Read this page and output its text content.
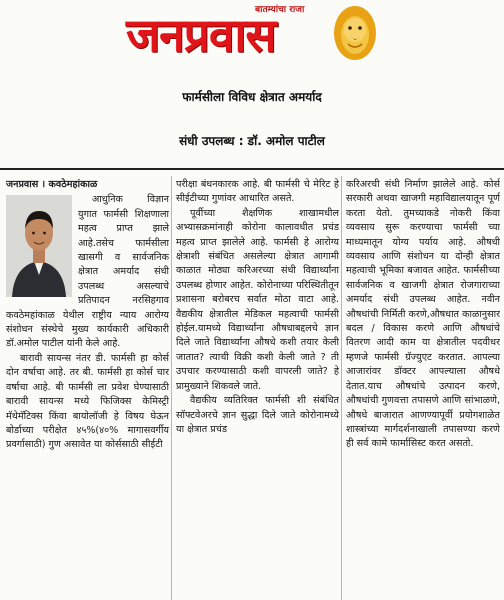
बातम्यांचा राजा
जनप्रवास
फार्मसीला विविध क्षेत्रात अमर्याद
संधी उपलब्ध : डॉ. अमोल पाटील
जनप्रवास । कवठेमहांकाळ

आधुनिक विज्ञान युगात फार्मसी शिक्षणाला महत्व प्राप्त झाले आहे.तसेच फार्मसीला खासगी व सार्वजनिक क्षेत्रात अमर्याद संधी उपलब्ध असल्याचे प्रतिपादन नरसिहगाव कवठेमहांकाळ येथील राष्ट्रीय न्याय आरोग्य संशोधन संस्थेचे मुख्य कार्यकारी अधिकारी डॉ.अमोल पाटील यांनी केले आहे.

बारावी सायन्स नंतर डी. फार्मसी हा कोर्स दोन वर्षाचा आहे. तर बी. फार्मसी हा कोर्स चार वर्षाचा आहे. बी फार्मसी ला प्रवेश घेण्यासाठी बारावी सायन्स मध्ये फिजिक्स केमिस्ट्री मॅथेमॅटिक्स किंवा बायोलॉजी हे विषय घेऊन बोर्डाच्या परीक्षेत ४५%(४०% मागासवर्गीय प्रवर्गासाठी) गुण असावेत या कोर्ससाठी सीईटी

परीक्षा बंधनकारक आहे. बी फार्मसी चे मेरिट हे सीईटीच्या गुणांवर आधारित असते.

पूर्वीच्या शैक्षणिक शाखामधील अभ्यासक्रमांनाही कोरोना कालावधीत प्रचंड महत्व प्राप्त झालेले आहे. फार्मसी हे आरोग्य क्षेत्राशी संबंधित असलेल्या क्षेत्रात आगामी काळात मोठ्या करिअरच्या संधी विद्यार्थ्यांना उपलब्ध होणार आहेत. कोरोनाच्या परिस्थितीतून प्रशासना बरोबरच सर्वात मोठा वाटा आहे. वैद्यकीय क्षेत्रातील मेडिकल महत्वाची फार्मसी होईल.यामध्ये विद्यार्थ्यांना औषधाबद्दलचे ज्ञान दिले जाते विद्यार्थ्यांना औषधे कशी तयार केली जातात? त्याची विक्री कशी केली जाते ? ती उपचार करण्यासाठी कशी वापरली जाते? हे प्रामुख्याने शिकवले जाते.

वैद्यकीय व्यतिरिक्त फार्मसी शी संबंधित सॉफ्टवेअरचे ज्ञान सुद्धा दिले जाते कोरोनामध्ये या क्षेत्रात प्रचंड

करिअरची संधी निर्माण झालेले आहे. कोर्स सरकारी अथवा खाजगी महाविद्यालयातून पूर्ण करता येतो. तुमच्याकडे नोकरी किंवा व्यवसाय सुरू करण्याचा फार्मसी च्या माध्यमातून योग्य पर्याय आहे. औषधी व्यवसाय आणि संशोधन या दोन्ही क्षेत्रात महत्वाची भूमिका बजावत आहेत. फार्मसीच्या सार्वजनिक व खाजगी क्षेत्रात रोजगाराच्या अमर्याद संधी उपलब्ध आहेत. नवीन औषधांची निर्मिती करणे,औषधात काळानुसार बदल / विकास करणे आणि औषधांचे वितरण आदी काम या क्षेत्रातील पदवीधर म्हणजे फार्मसी ग्रॅज्युएट करतात. आपल्या आजारांवर डॉक्टर आपल्याला औषधे देतात.याच औषधांचे उत्पादन करणे, औषधांची गुणवत्ता तपासणे आणि सांभाळणे, औषधे बाजारात आणण्यापूर्वी प्रयोगशाळेत शास्त्रांच्या मार्गदर्शनाखाली तपासण्या करणे ही सर्व कामे फार्मासिस्ट करत असतो.
